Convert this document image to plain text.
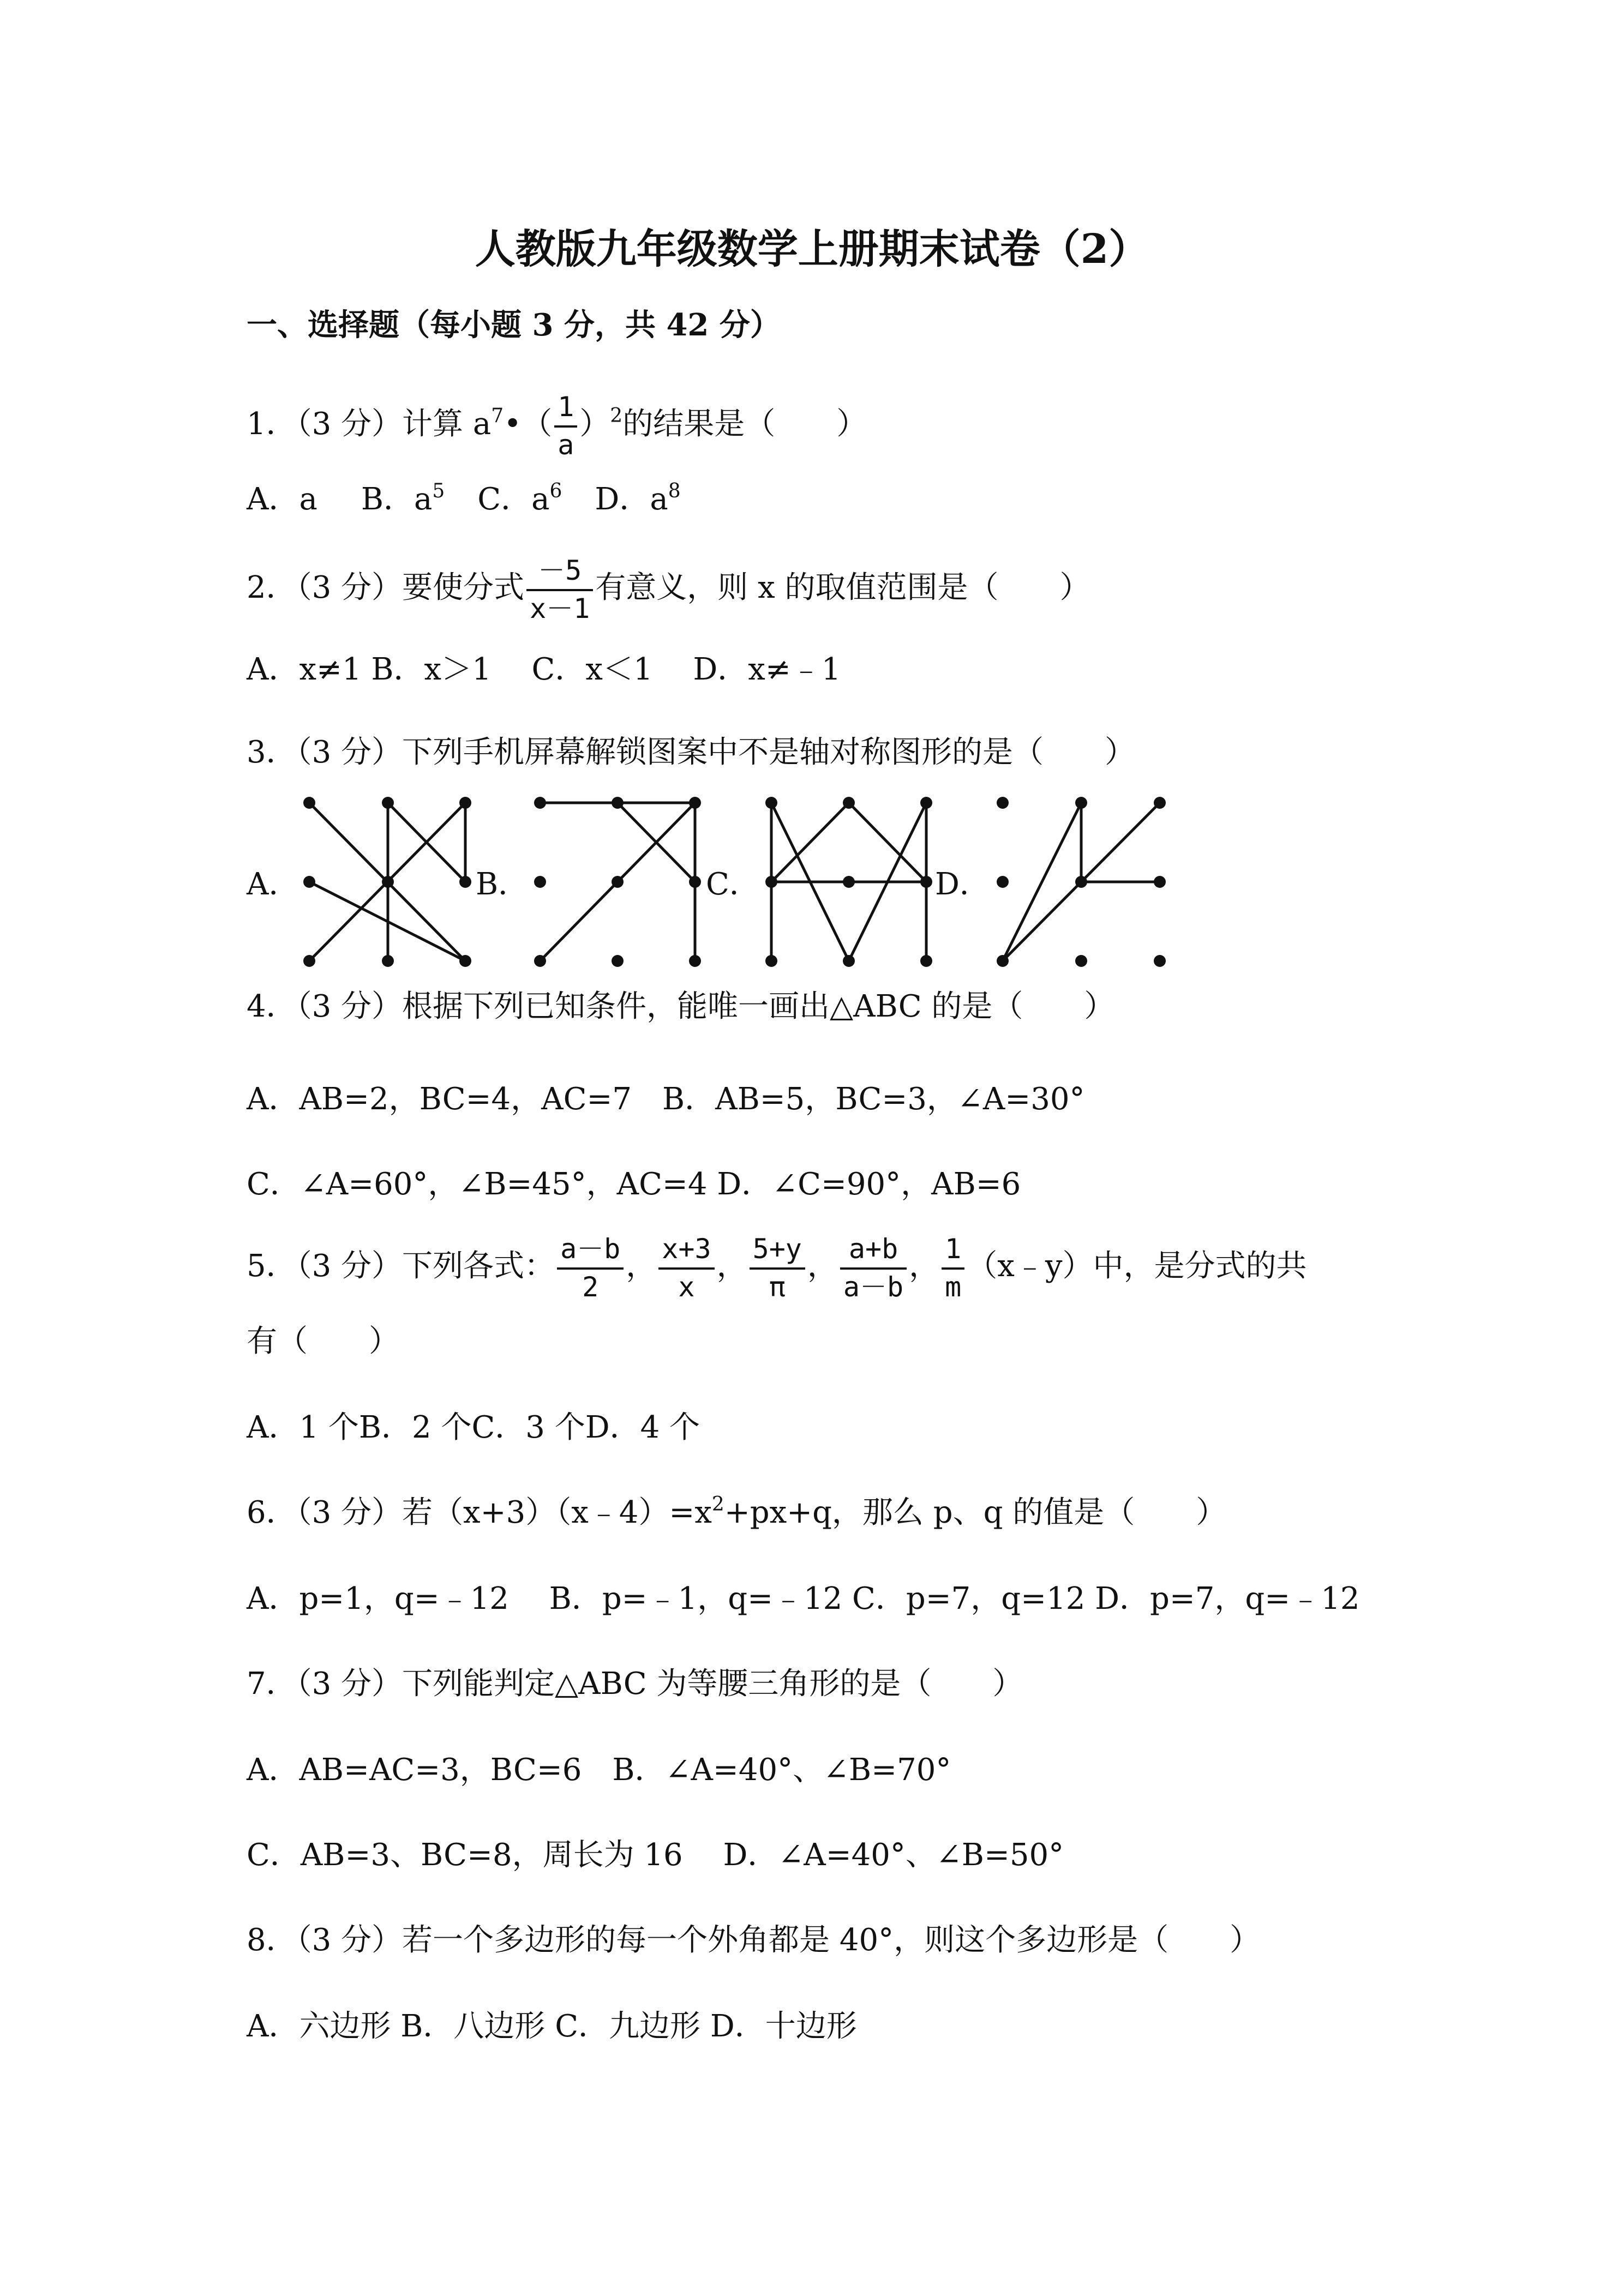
人教版九年级数学上册期末试卷（2）
一、选择题（每小题 3 分，共 42 分）
1．（3 分）计算 $a^7•( \frac{1}{a} )^2$的结果是（　　）
A．a B．$a^5$ C．$a^6$ D．$a^8$
2．（3 分）要使分式 $\frac{-5}{x-1}$ 有意义，则 x 的取值范围是（　　）
A．x≠1 B．x＞1　 C．x＜1　 D．x≠﹣1
3．（3 分）下列手机屏幕解锁图案中不是轴对称图形的是（　　）
A．	B．	C．	D．
4．（3 分）根据下列已知条件，能唯一画出△ABC 的是（　　）
A．AB=2，BC=4，AC=7　B．AB=5，BC=3，∠A=30°
C．∠A=60°，∠B=45°，AC=4 D．∠C=90°，AB=6
5．（3 分）下列各式： $\frac{a-b}{2}$ ， $\frac{x+3}{x}$ ， $\frac{5+y}{\pi}$ ， $\frac{a+b}{a-b}$ ， $\frac{1}{m}$ （x﹣y）中，是分式的共
有（　　）
A．1 个B．2 个C．3 个D．4 个
6．（3 分）若$(x+3)(x﹣4)=x^2+px+q$，那么 p、q 的值是（　　）
A．p=1，q=﹣12　 B．p=﹣1，q=﹣12 C．p=7，q=12 D．p=7，q=﹣12
7．（3 分）下列能判定△ABC 为等腰三角形的是（　　）
A．AB=AC=3，BC=6　B．∠A=40°、∠B=70°
C．AB=3、BC=8，周长为 16　 D．∠A=40°、∠B=50°
8．（3 分）若一个多边形的每一个外角都是 40°，则这个多边形是（　　）
A．六边形 B．八边形 C．九边形 D．十边形
